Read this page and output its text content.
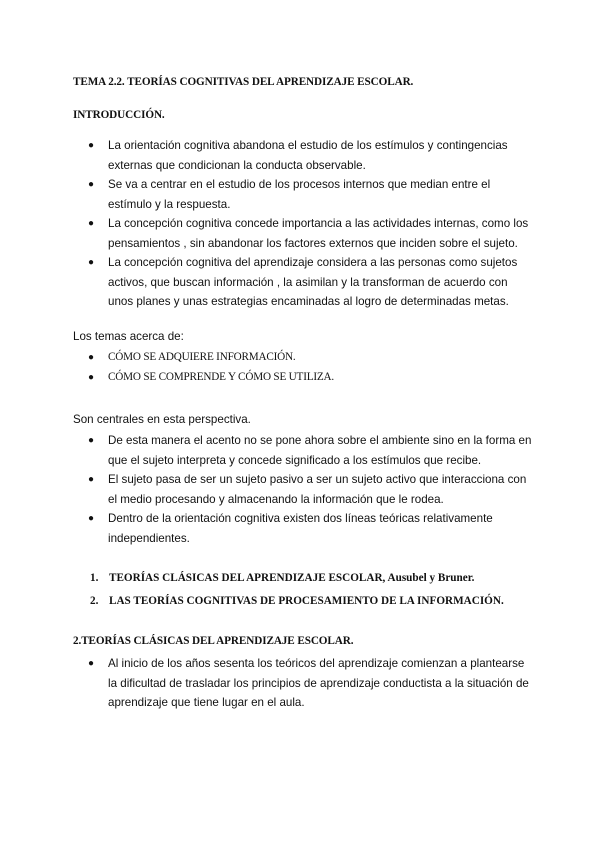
TEMA 2.2. TEORÍAS COGNITIVAS DEL APRENDIZAJE ESCOLAR.
INTRODUCCIÓN.
● La orientación cognitiva abandona el estudio de los estímulos y contingencias externas que condicionan la conducta observable.
● Se va a centrar en el estudio de los procesos internos que median entre el estímulo y la respuesta.
● La concepción cognitiva concede importancia a las actividades internas, como los pensamientos , sin abandonar los factores externos que inciden sobre el sujeto.
● La concepción cognitiva del aprendizaje considera a las personas como sujetos activos, que buscan información , la asimilan y la transforman de acuerdo con unos planes y unas estrategias encaminadas al logro de determinadas metas.
Los temas acerca de:
● CÓMO SE ADQUIERE INFORMACIÓN.
● CÓMO SE COMPRENDE Y CÓMO SE UTILIZA.
Son centrales en esta perspectiva.
● De esta manera el acento no se pone ahora sobre el ambiente sino en la forma en que el sujeto interpreta y concede significado a los estímulos que recibe.
● El sujeto pasa de ser un sujeto pasivo a ser un sujeto activo que interacciona con el medio procesando y almacenando la información que le rodea.
● Dentro de la orientación cognitiva existen dos líneas teóricas relativamente independientes.
1. TEORÍAS CLÁSICAS DEL APRENDIZAJE ESCOLAR, Ausubel y Bruner.
2. LAS TEORÍAS COGNITIVAS DE PROCESAMIENTO DE LA INFORMACIÓN.
2.TEORÍAS CLÁSICAS DEL APRENDIZAJE ESCOLAR.
● Al inicio de los años sesenta los teóricos del aprendizaje comienzan a plantearse la dificultad de trasladar los principios de aprendizaje conductista a la situación de aprendizaje que tiene lugar en el aula.
